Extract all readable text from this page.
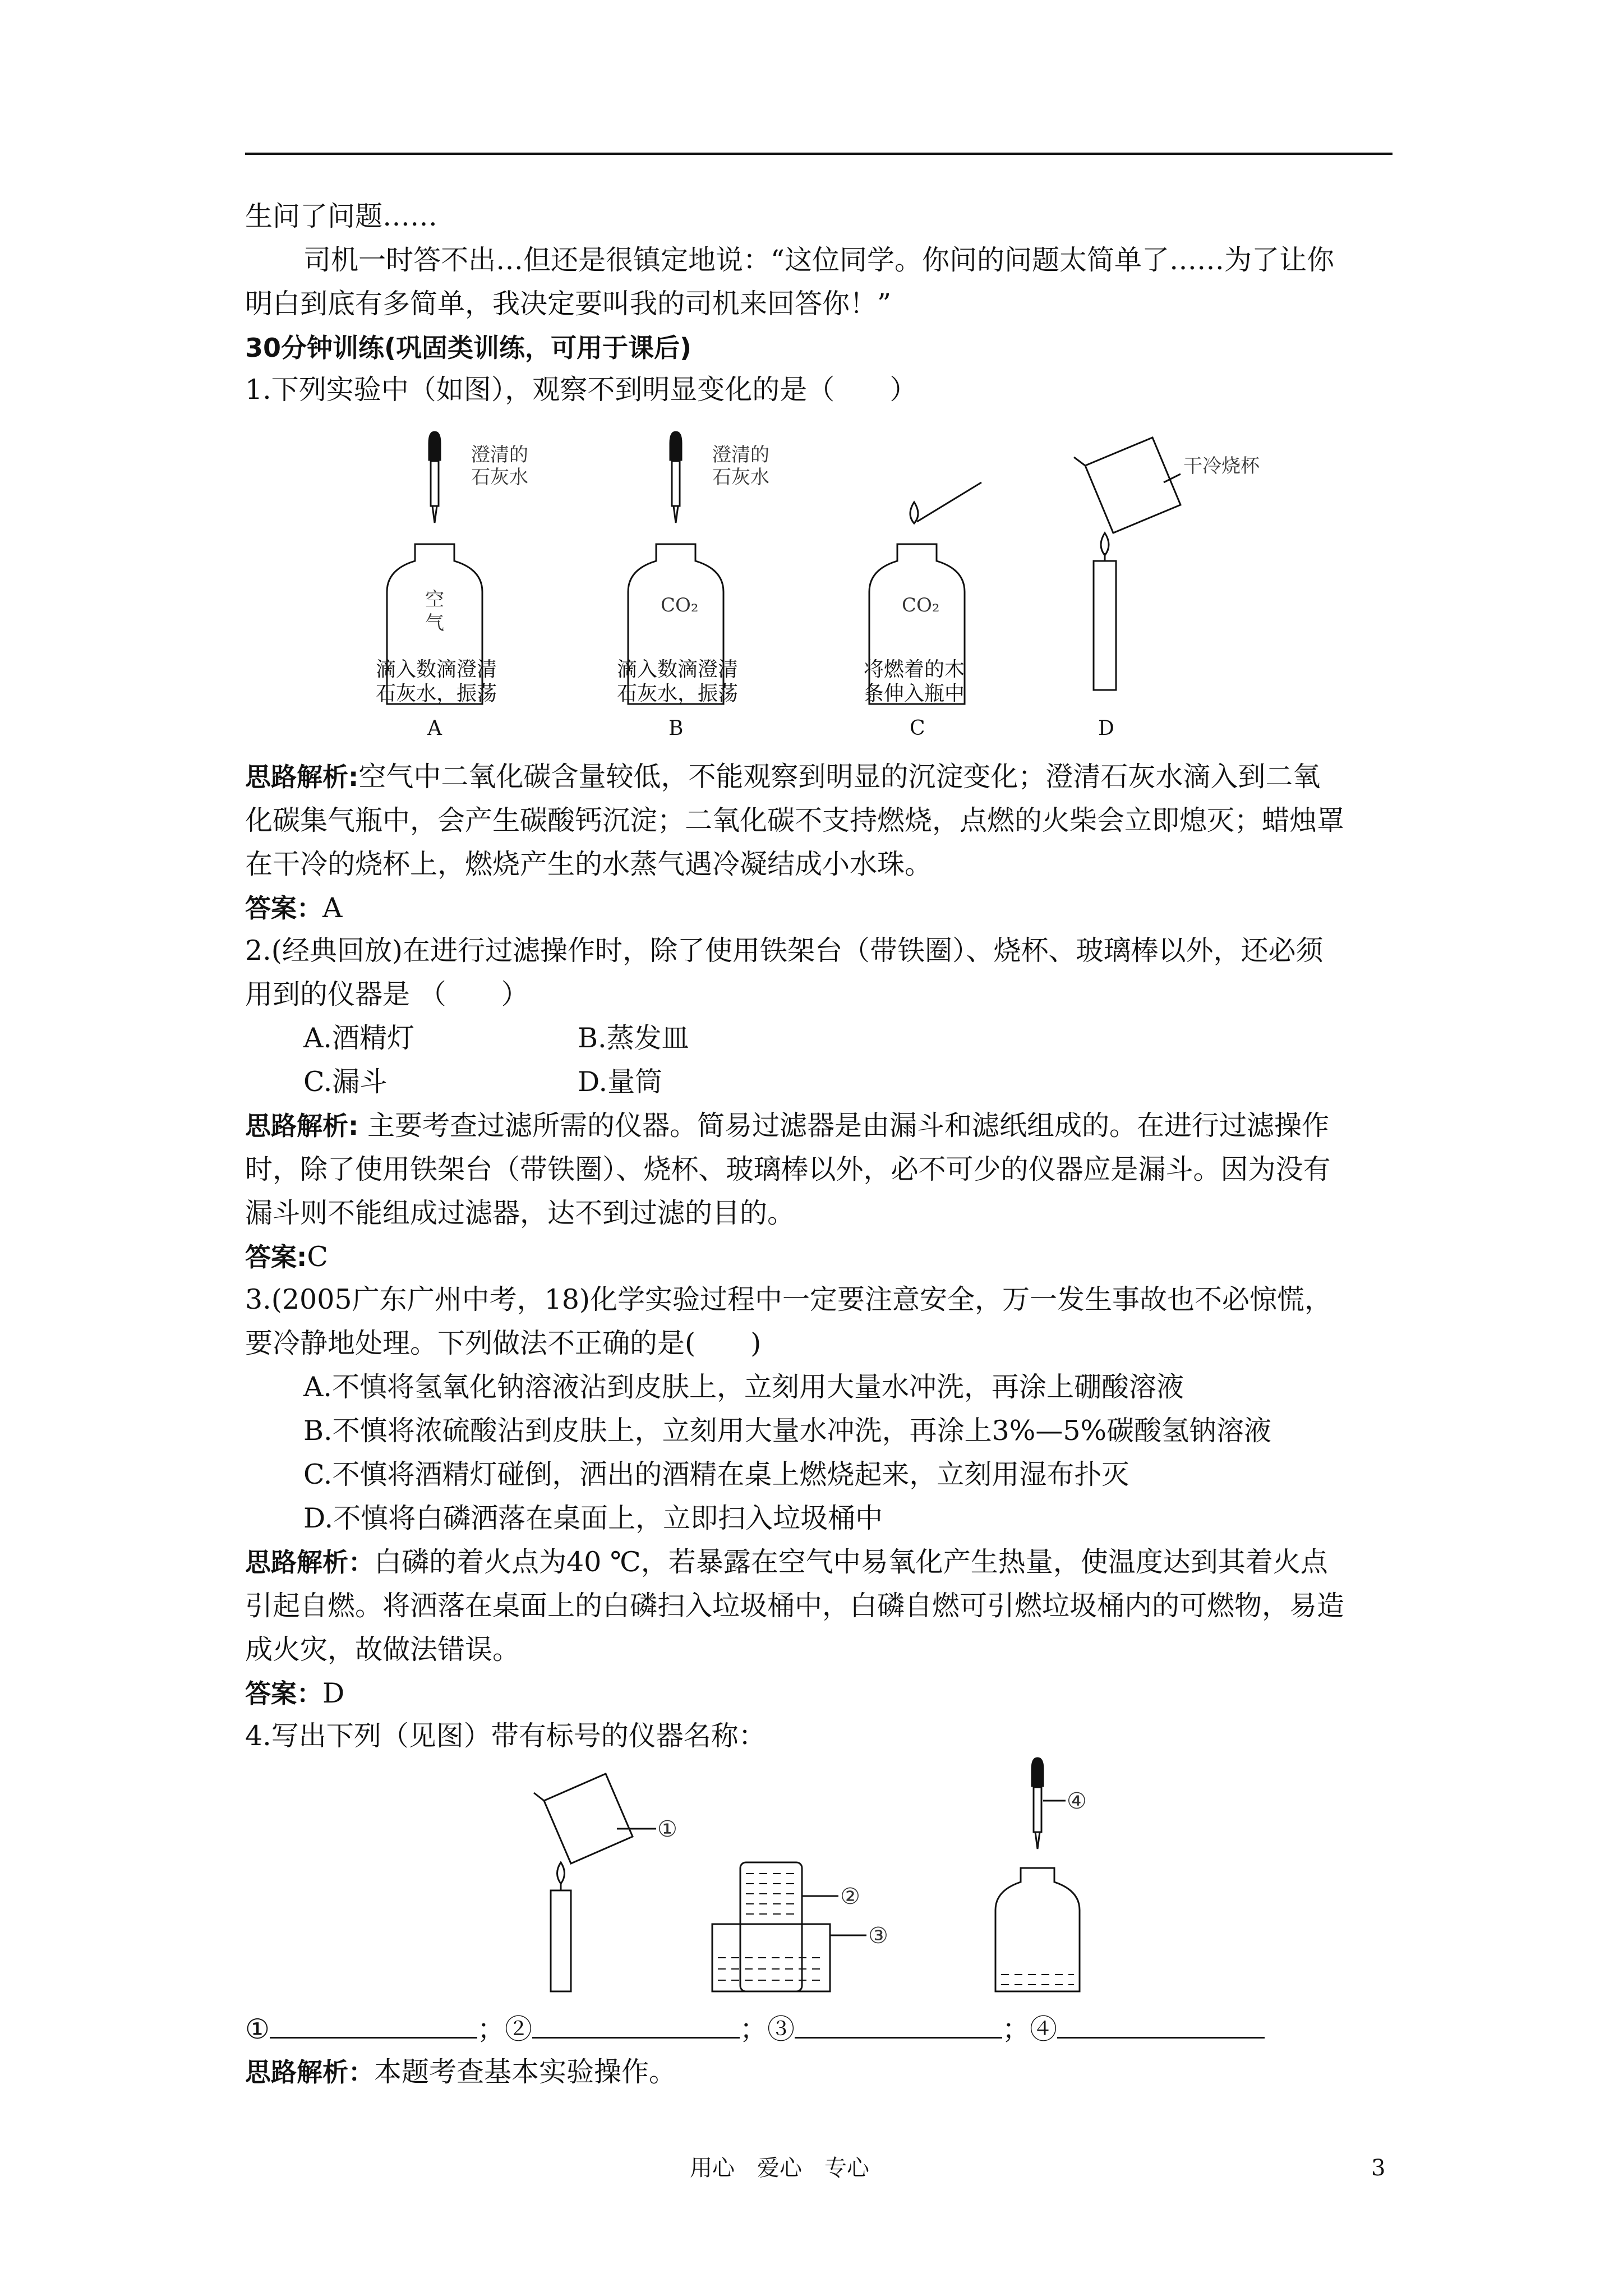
生问了问题……
司机一时答不出…但还是很镇定地说：“这位同学。你问的问题太简单了……为了让你
明白到底有多简单，我决定要叫我的司机来回答你！”
30分钟训练(巩固类训练，可用于课后)
1.下列实验中（如图），观察不到明显变化的是（　　）
澄清的
石灰水
澄清的
石灰水
空
气
CO₂	CO₂
干冷烧杯
滴入数滴澄清
石灰水，振荡
滴入数滴澄清
石灰水，振荡
将燃着的木
条伸入瓶中
A	B	C	D
思路解析:空气中二氧化碳含量较低，不能观察到明显的沉淀变化；澄清石灰水滴入到二氧
化碳集气瓶中，会产生碳酸钙沉淀；二氧化碳不支持燃烧，点燃的火柴会立即熄灭；蜡烛罩
在干冷的烧杯上，燃烧产生的水蒸气遇冷凝结成小水珠。
答案：A
2.(经典回放)在进行过滤操作时，除了使用铁架台（带铁圈）、烧杯、玻璃棒以外，还必须
用到的仪器是 （　　）
A.酒精灯	B.蒸发皿
C.漏斗	D.量筒
思路解析: 主要考查过滤所需的仪器。简易过滤器是由漏斗和滤纸组成的。在进行过滤操作
时，除了使用铁架台（带铁圈）、烧杯、玻璃棒以外，必不可少的仪器应是漏斗。因为没有
漏斗则不能组成过滤器，达不到过滤的目的。
答案:C
3.(2005广东广州中考，18)化学实验过程中一定要注意安全，万一发生事故也不必惊慌，
要冷静地处理。下列做法不正确的是(　　)
A.不慎将氢氧化钠溶液沾到皮肤上，立刻用大量水冲洗，再涂上硼酸溶液
B.不慎将浓硫酸沾到皮肤上，立刻用大量水冲洗，再涂上3%—5%碳酸氢钠溶液
C.不慎将酒精灯碰倒，洒出的酒精在桌上燃烧起来，立刻用湿布扑灭
D.不慎将白磷洒落在桌面上，立即扫入垃圾桶中
思路解析：白磷的着火点为40 ℃，若暴露在空气中易氧化产生热量，使温度达到其着火点
引起自燃。将洒落在桌面上的白磷扫入垃圾桶中，白磷自燃可引燃垃圾桶内的可燃物，易造
成火灾，故做法错误。
答案：D
4.写出下列（见图）带有标号的仪器名称：
①
②
③
④
①	；②	；③	；④
思路解析：本题考查基本实验操作。
用心　爱心　专心	3
